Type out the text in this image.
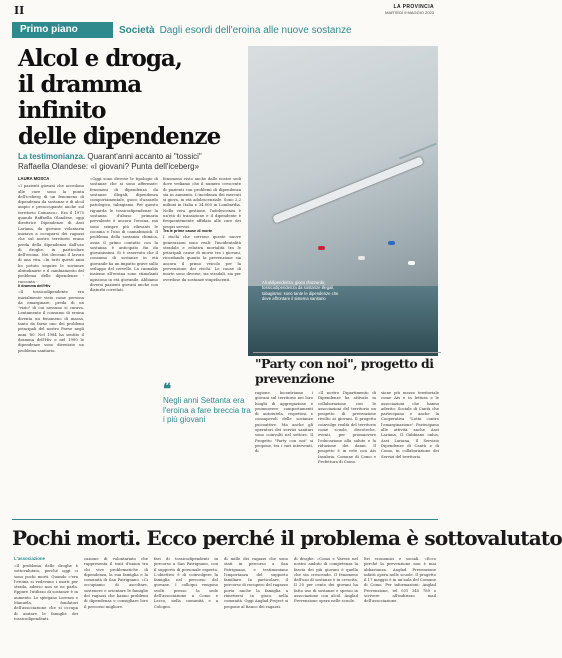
II	LA PROVINCIA
MARTEDÌ 9 MAGGIO 2023
Primo piano	Società Dagli esordi dell'eroina alle nuove sostanze
Alcol e droga,
il dramma infinito
delle dipendenze
La testimonianza. Quarant'anni accanto ai "tossici"
Raffaella Olandese: «I giovani? Punta dell'iceberg»
Alcoldipendenza, gioco d'azzardo, tossicodipendenza da sostanze illegali, tabagismo: sono tante le dipendenze che deve affrontare il sistema sanitario
LAURA MOSCA
«I pazienti giovani che accedono alle cure sono la punta dell'iceberg di un fenomeno di dipendenza da sostanze e di alcol ampio e preoccupante anche sul territorio Comasco». Era il 1975 quando Raffaella Olandese, oggi direttrice Dipendenze di Asst Lariana, da giovane volontaria iniziava a occuparsi dei ragazzi che sul nostro territorio erano preda della dipendenza dall'uso di droghe, in particolare dell'eroina. Nei decenni il lavoro di una vita. «In tutti questi anni ho potuto seguire le sostanze abitudinarie e il cambiamento del problema delle dipendenze - racconta -.
Il dramma dell'Hiv
«Il tossicodipendente era inizialmente visto come persona da emarginare, preda di un "vizio" di cui nessuno si curava. Lentamente il consumo di eroina diventa un fenomeno di massa, tanto da farne uno dei problemi principali del nostro Paese negli anni '80. Nel 1984 ha sentito il dramma dell'Hiv e nel 1990 le dipendenze sono diventate un problema sanitario.
«Oggi sono diverse le tipologie di sostanze che si sono affermate: fenomeni di dipendenza da sostanze illegali, dipendenza comportamentale, gioco d'azzardo patologico, tabagismo. Per questo riguarda le tossicodipendenze la sostanza d'abuso primaria prevalente è ancora l'eroina, ma sono sempre più rilevanti le cocaina e l'uso di cannabinoidi. Il problema della sostanza chimica, ossia il primo contatto con la sostanza è anticipato fin da giovanissimi. Si è osservato che il consumo di sostanze in età giovanile ha un impatto grave sullo sviluppo del cervello. La cannabis insieme all'eroina sono stimolanti agiscono in età giovanile. Abbiamo diversi pazienti giovani anche con disturbi correlati.
fenomeno visto anche dalle nostre sedi dove vediamo che il numero crescente di pazienti con problemi di dipendenza sia in aumento. L'incidenza dei mercati si giova, in età adolescenziale. Sono 2,2 milioni in Italia e 34.000 in Lombardia. Nella vera gestione, l'adolescenza è un'età di transizione e il dipendente è frequentemente affidato alle cure dei propri servizi.
Tra le prime cause di morte
I rischi che corrono queste nuove generazioni sono reali: l'incidentalità stradale e relativa mortalità tra le principali cause di morte tra i giovani, ricordando quanto la prevenzione sia ancora il primo veicolo per la prevenzione dei rischi. Le cause di morte sono diverse, sia stradali, sia per overdose da sostanze stupefacenti.
❝
Negli anni Settanta era l'eroina a fare breccia tra i più giovani
"Party con noi", progetto di prevenzione
ragione. Incontriamo i giovani sul territorio nei loro luoghi di aggregazione e promuovere comportamenti di autotutela, rispettosi e consapevoli delle sostanze psicoattive. Ma anche gli operatori dei servizi sanitari sono coinvolti nel settore. Il Progetto "Party con noi" si propone, tra i vari interventi, di
«Il nostro Dipartimento di Dipendenze ha attivato in collaborazione con le associazioni del territorio un progetto di prevenzione rivolto ai giovani. Il progetto coinvolge realtà del territorio come scuole, discoteche, eventi, per promuovere l'educazione alla salute e la riduzione dei danni. Il progetto è in rete con Ats Insubria, Comune di Como e Prefettura di Como.
sione più mezzo territoriale come Ats e in lettura e le associazioni che hanno aderito: Sociale di Cantù che partecipano e anche la Cooperativa "Lotta contro l'emarginazione". Partecipano alle attività anche Asst Lariana, Il Gabbiano onlus, Asst Lariana, Il Servizio Dipendenze di Cantù e di Como, in collaborazione dei Servizi del territorio.
Pochi morti. Ecco perché il problema è sottovalutato
L'associazione
«Il problema delle droghe è sottovalutato, perché oggi ci sono pochi morti. Quando c'era l'eroina si vedevano i morti per strada, adesso non se ne parla. Eppure l'utilizzo di sostanze è in aumento. Lo spiegano Lorenzo e Manuela, fondatori dell'associazione che si occupa di aiutare le famiglie dei tossicodipendenti.
cazione di volontariato che rappresenta il trait d'union tra chi vive problematiche di dipendenza, la sua famiglia e la comunità di San Patrignano. «Ci occupiamo di ascoltare, sostenere e orientare le famiglie dei ragazzi che hanno problemi di dipendenza e consigliare loro il percorso migliore.
fari di tossicodipendenti in percorso a San Patrignano, con il supporto di personale esperto. L'obiettivo è di coinvolgere la famiglia nel percorso del giovane. I colloqui vengono svolti presso la sede dell'associazione a Como e Lecco, nella comunità e a Cologno.
di mille dei ragazzi che sono stati in percorso a San Patrignano, e testimoniano l'importanza del supporto familiare. In particolare, il percorso di recupero del ragazzo porta anche la famiglia a rimettersi in gioco nella comunità. Oggi Anglad Project si propone al fianco dei ragazzi.
di droghe. «Como e Varese nel nostro ambito di competenza la fascia dei più giovani è quella che sta crescendo. Il fenomeno dell'uso di sostanze è in crescita. Il 20 per cento dei giovani ha fatto uso di sostanze e spesso in associazione con alcol. Anglad Prevenzione opera nelle scuole.
ltri economici e sociali. «Ecco perché la prevenzione non è mai abbastanza. Anglad Prevenzione infatti opera nelle scuole. Il progetto il 17 maggio è in un'aula del Comune di Como. Per informazioni: Anglad Prevenzione, tel 031 345 789 o scrivere all'indirizzo mail dell'associazione.
